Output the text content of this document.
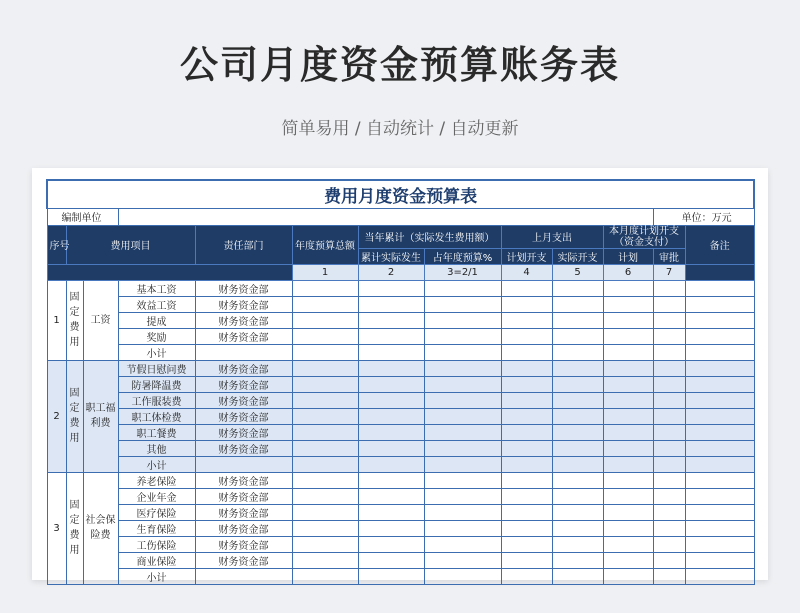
公司月度资金预算账务表
简单易用 / 自动统计 / 自动更新
费用月度资金预算表												
编制单位											单位：万元	
序号	费用项目			责任部门	年度预算总额	当年累计（实际发生费用额）		上月支出		本月度计划开支（资金支付）		备注
						累计实际发生	占年度预算%	计划开支	实际开支	计划	审批	
					1	2	3=2/1	4	5	6	7	
1	固定费用	工资	基本工资	财务资金部								
			效益工资	财务资金部								
			提成	财务资金部								
			奖励	财务资金部								
			小计									
2	固定费用	职工福利费	节假日慰问费	财务资金部								
			防暑降温费	财务资金部								
			工作服装费	财务资金部								
			职工体检费	财务资金部								
			职工餐费	财务资金部								
			其他	财务资金部								
			小计									
3	固定费用	社会保险费	养老保险	财务资金部								
			企业年金	财务资金部								
			医疗保险	财务资金部								
			生育保险	财务资金部								
			工伤保险	财务资金部								
			商业保险	财务资金部								
			小计									
